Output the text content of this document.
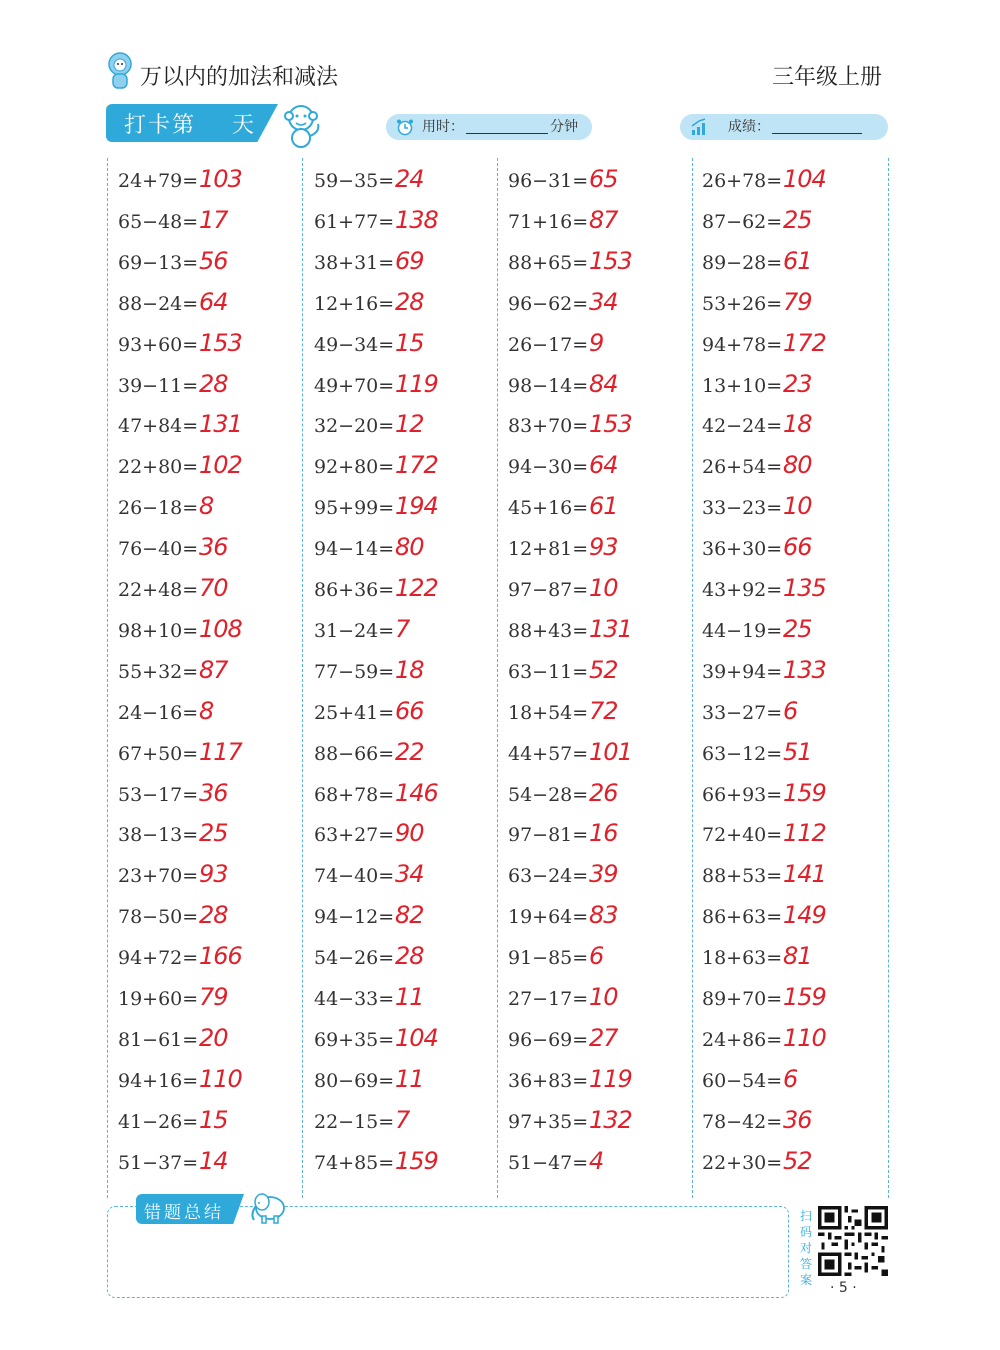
万以内的加法和减法	三年级上册
打卡第 天	用时：	分钟	成绩：
24+79= 103
65−48= 17
69−13= 56
88−24= 64
93+60= 153
39−11= 28
47+84= 131
22+80= 102
26−18= 8
76−40= 36
22+48= 70
98+10= 108
55+32= 87
24−16= 8
67+50= 117
53−17= 36
38−13= 25
23+70= 93
78−50= 28
94+72= 166
19+60= 79
81−61= 20
94+16= 110
41−26= 15
51−37= 14
59−35= 24
61+77= 138
38+31= 69
12+16= 28
49−34= 15
49+70= 119
32−20= 12
92+80= 172
95+99= 194
94−14= 80
86+36= 122
31−24= 7
77−59= 18
25+41= 66
88−66= 22
68+78= 146
63+27= 90
74−40= 34
94−12= 82
54−26= 28
44−33= 11
69+35= 104
80−69= 11
22−15= 7
74+85= 159
96−31= 65
71+16= 87
88+65= 153
96−62= 34
26−17= 9
98−14= 84
83+70= 153
94−30= 64
45+16= 61
12+81= 93
97−87= 10
88+43= 131
63−11= 52
18+54= 72
44+57= 101
54−28= 26
97−81= 16
63−24= 39
19+64= 83
91−85= 6
27−17= 10
96−69= 27
36+83= 119
97+35= 132
51−47= 4
26+78= 104
87−62= 25
89−28= 61
53+26= 79
94+78= 172
13+10= 23
42−24= 18
26+54= 80
33−23= 10
36+30= 66
43+92= 135
44−19= 25
39+94= 133
33−27= 6
63−12= 51
66+93= 159
72+40= 112
88+53= 141
86+63= 149
18+63= 81
89+70= 159
24+86= 110
60−54= 6
78−42= 36
22+30= 52
错题总结	扫码对答案 · 5 ·
